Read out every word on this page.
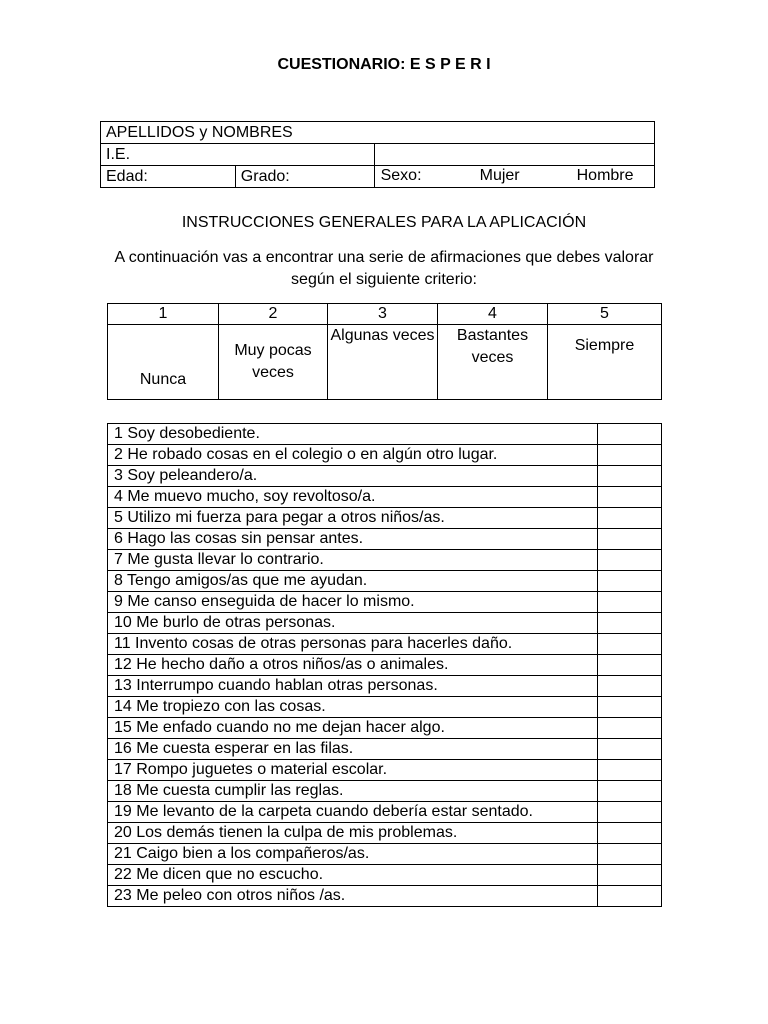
CUESTIONARIO: E S P E R I
APELLIDOS y NOMBRES		
I.E.		
Edad:	Grado:	Sexo: Mujer Hombre
INSTRUCCIONES GENERALES PARA LA APLICACIÓN
A continuación vas a encontrar una serie de afirmaciones que debes valorar según el siguiente criterio:
1	2	3	4	5
Nunca	Muy pocas veces	Algunas veces	Bastantes veces	Siempre
1 Soy desobediente.	
2 He robado cosas en el colegio o en algún otro lugar.	
3 Soy peleandero/a.	
4 Me muevo mucho, soy revoltoso/a.	
5 Utilizo mi fuerza para pegar a otros niños/as.	
6 Hago las cosas sin pensar antes.	
7 Me gusta llevar lo contrario.	
8 Tengo amigos/as que me ayudan.	
9 Me canso enseguida de hacer lo mismo.	
10 Me burlo de otras personas.	
11 Invento cosas de otras personas para hacerles daño.	
12 He hecho daño a otros niños/as o animales.	
13 Interrumpo cuando hablan otras personas.	
14 Me tropiezo con las cosas.	
15 Me enfado cuando no me dejan hacer algo.	
16 Me cuesta esperar en las filas.	
17 Rompo juguetes o material escolar.	
18 Me cuesta cumplir las reglas.	
19 Me levanto de la carpeta cuando debería estar sentado.	
20 Los demás tienen la culpa de mis problemas.	
21 Caigo bien a los compañeros/as.	
22 Me dicen que no escucho.	
23 Me peleo con otros niños /as.	
